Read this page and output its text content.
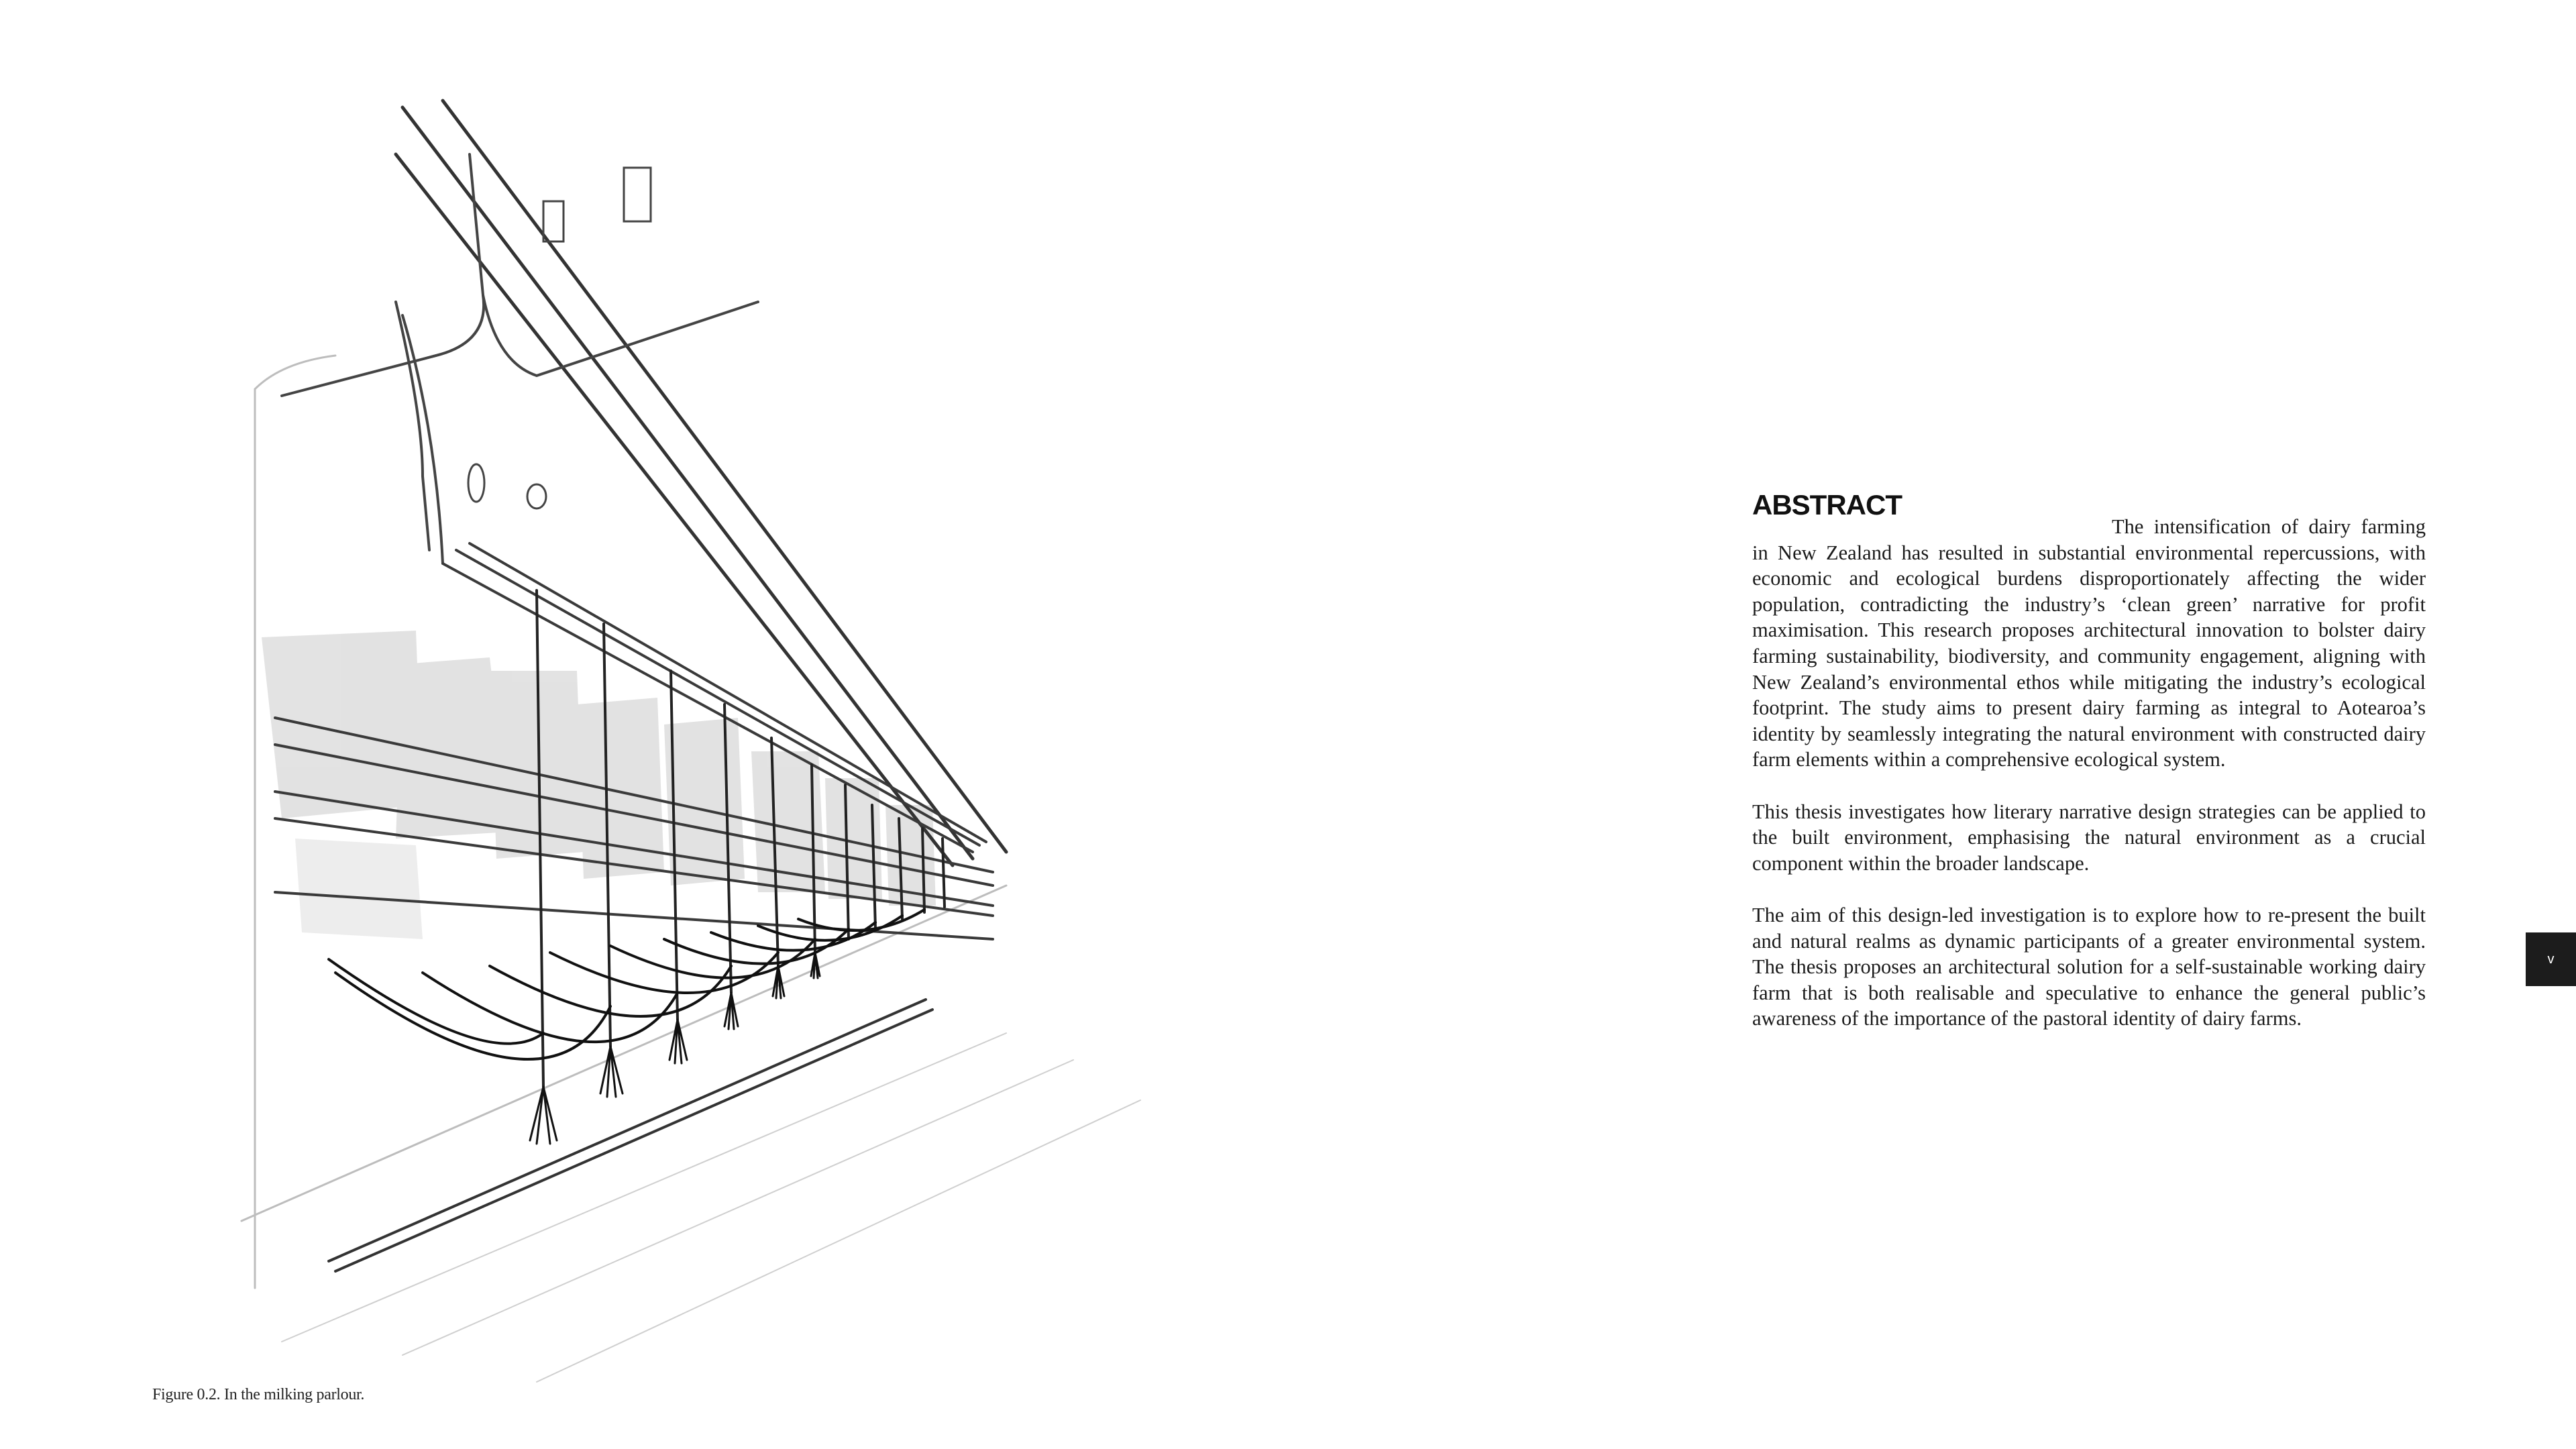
Figure 0.2. In the milking parlour.
ABSTRACT

The intensification of dairy farming in New Zealand has resulted in substantial environmental repercussions, with economic and ecological burdens disproportionately affecting the wider population, contradicting the industry’s ‘clean green’ narrative for profit maximisation. This research proposes architectural innovation to bolster dairy farming sustainability, biodiversity, and community engagement, aligning with New Zealand’s environmental ethos while mitigating the industry’s ecological footprint. The study aims to present dairy farming as integral to Aotearoa’s identity by seamlessly integrating the natural environment with constructed dairy farm elements within a comprehensive ecological system.

This thesis investigates how literary narrative design strategies can be applied to the built environment, emphasising the natural environment as a crucial component within the broader landscape.

The aim of this design-led investigation is to explore how to re-present the built and natural realms as dynamic participants of a greater environmental system. The thesis proposes an architectural solution for a self-sustainable working dairy farm that is both realisable and speculative to enhance the general public’s awareness of the importance of the pastoral identity of dairy farms.

v
